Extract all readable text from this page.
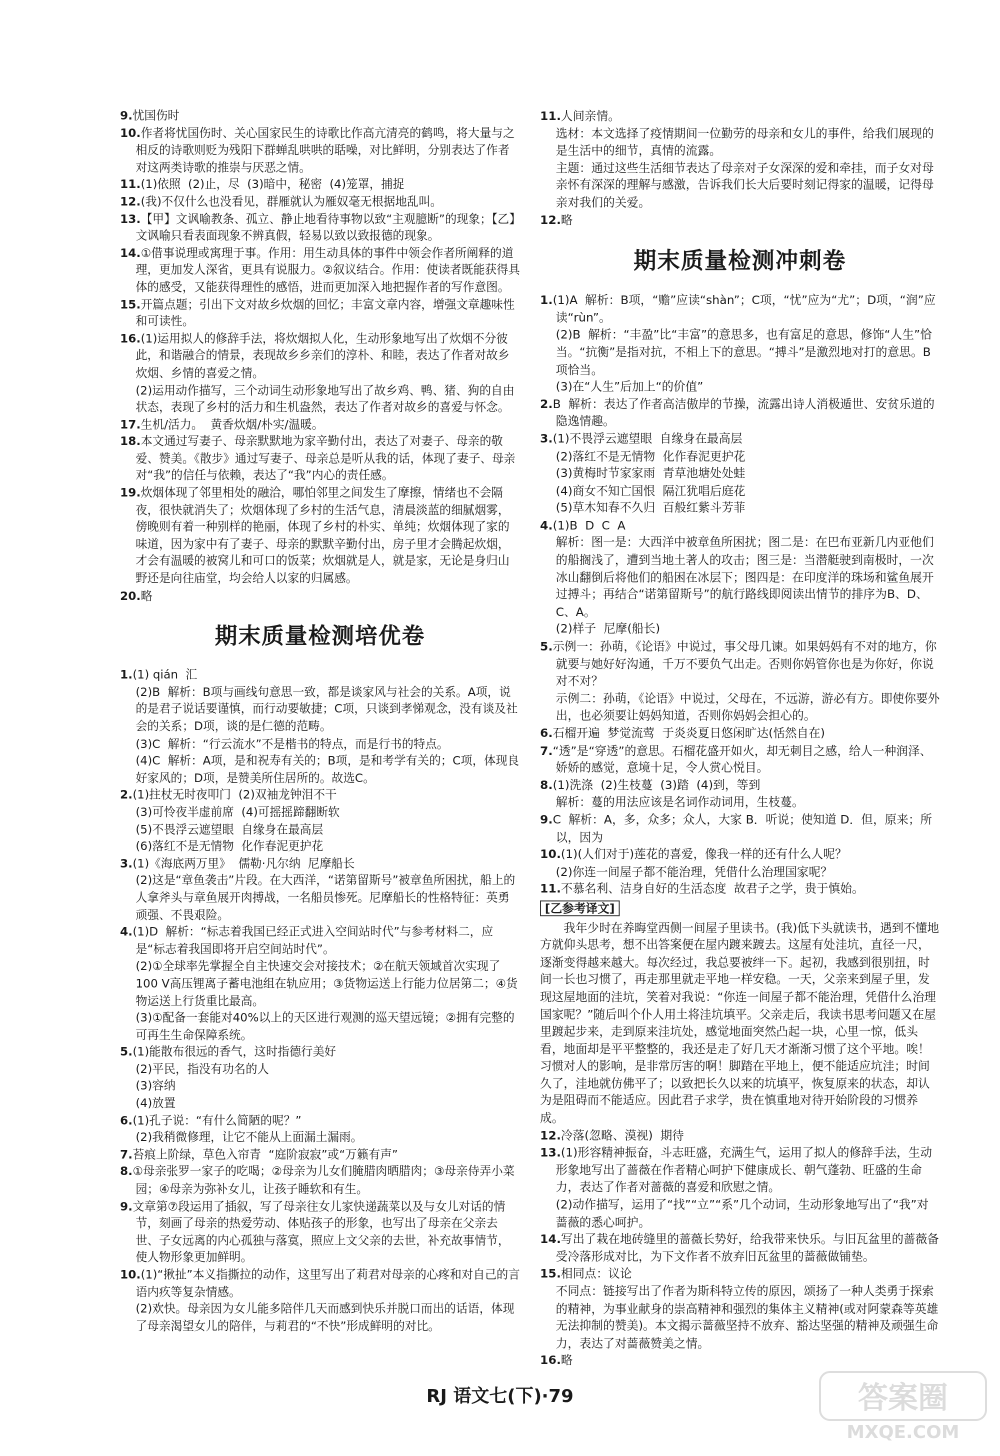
9.忧国伤时

10.作者将忧国伤时、关心国家民生的诗歌比作高亢清亮的鹤鸣，将大量与之相反的诗歌则贬为残阳下群蝉乱哄哄的聒噪，对比鲜明，分别表达了作者对这两类诗歌的推崇与厌恶之情。

11.(1)依照  (2)止，尽  (3)暗中，秘密  (4)笼罩，捕捉

12.(我)不仅什么也没看见，群雁就认为雁奴毫无根据地乱叫。

13.【甲】文讽喻教条、孤立、静止地看待事物以致“主观臆断”的现象；【乙】文讽喻只看表面现象不辨真假，轻易以致以致报德的现象。

14.①借事说理或寓理于事。作用：用生动具体的事件中领会作者所阐释的道理，更加发人深省，更具有说服力。②叙议结合。作用：使读者既能获得具体的感受，又能获得理性的感悟，进而更加深入地把握作者的写作意图。

15.开篇点题；引出下文对故乡炊烟的回忆；丰富文章内容，增强文章趣味性和可读性。

16.(1)运用拟人的修辞手法，将炊烟拟人化，生动形象地写出了炊烟不分彼此，和谐融合的情景，表现故乡乡亲们的淳朴、和睦，表达了作者对故乡炊烟、乡情的喜爱之情。

(2)运用动作描写，三个动词生动形象地写出了故乡鸡、鸭、猪、狗的自由状态，表现了乡村的活力和生机盎然，表达了作者对故乡的喜爱与怀念。

17.生机/活力。  黄香炊烟/朴实/温暖。

18.本文通过写妻子、母亲默默地为家辛勤付出，表达了对妻子、母亲的敬爱、赞美。《散步》通过写妻子、母亲总是听从我的话，体现了妻子、母亲对“我”的信任与依赖，表达了“我”内心的责任感。

19.炊烟体现了邻里相处的融洽，哪怕邻里之间发生了摩擦，情绪也不会隔夜，很快就消失了；炊烟体现了乡村的生活气息，清晨淡蓝的细腻烟雾，傍晚则有着一种别样的艳丽，体现了乡村的朴实、单纯；炊烟体现了家的味道，因为家中有了妻子、母亲的默默辛勤付出，房子里才会腾起炊烟，才会有温暖的被窝儿和可口的饭菜；炊烟就是人，就是家，无论是身归山野还是向往庙堂，均会给人以家的归属感。

20.略

期末质量检测培优卷

1.(1) qián  汇

(2)B  解析：B项与画线句意思一致，都是谈家风与社会的关系。A项，说的是君子说话要谨慎，而行动要敏捷；C项，只谈到孝悌观念，没有谈及社会的关系；D项，谈的是仁德的范畴。

(3)C  解析：“行云流水”不是楷书的特点，而是行书的特点。

(4)C  解析：A项，是和祝寿有关的；B项，是和考学有关的；C项，体现良好家风的；D项，是赞美所住居所的。故选C。

2.(1)拄杖无时夜叩门  (2)双袖龙钟泪不干

(3)可怜夜半虚前席  (4)可摇摇蹄翻断软

(5)不畏浮云遮望眼  自缘身在最高层

(6)落红不是无情物  化作春泥更护花

3.(1)《海底两万里》  儒勒·凡尔纳  尼摩船长

(2)这是“章鱼袭击”片段。在大西洋，“诺第留斯号”被章鱼所困扰，船上的人拿斧头与章鱼展开肉搏战，一名船员惨死。尼摩船长的性格特征：英勇顽强、不畏艰险。

4.(1)D  解析：“标志着我国已经正式进入空间站时代”与参考材料二，应是“标志着我国即将开启空间站时代”。

(2)①全球率先掌握全自主快速交会对接技术；②在航天领域首次实现了100 V高压锂离子蓄电池组在轨应用；③货物运送上行能力位居第二；④货物运送上行货重比最高。

(3)①配备一套能对40%以上的天区进行观测的巡天望远镜；②拥有完整的可再生生命保障系统。

5.(1)能散布很远的香气，这时指德行美好

(2)平民，指没有功名的人

(3)容纳

(4)放置

6.(1)孔子说：“有什么简陋的呢？”

(2)我稍微修理，让它不能从上面漏土漏雨。

7.苔痕上阶绿，草色入帘青  “庭阶寂寂”或“万籁有声”

8.①母亲张罗一家子的吃喝；②母亲为儿女们腌腊肉晒腊肉；③母亲侍弄小菜园；④母亲为弥补女儿，让孩子睡软和有生。

9.文章第⑦段运用了插叙，写了母亲往女儿家快递蔬菜以及与女儿对话的情节，刻画了母亲的热爱劳动、体贴孩子的形象，也写出了母亲在父亲去世、子女远离的内心孤独与落寞，照应上文父亲的去世，补充故事情节，使人物形象更加鲜明。

10.(1)“揪扯”本义指撕拉的动作，这里写出了莉君对母亲的心疼和对自己的言语内疚等复杂情感。

(2)欢快。母亲因为女儿能多陪伴几天而感到快乐并脱口而出的话语，体现了母亲渴望女儿的陪伴，与莉君的“不快”形成鲜明的对比。

11.人间亲情。

选材：本文选择了疫情期间一位勤劳的母亲和女儿的事件，给我们展现的是生活中的细节，真情的流露。

主题：通过这些生活细节表达了母亲对子女深深的爱和牵挂，而子女对母亲怀有深深的理解与感激，告诉我们长大后要时刻记得家的温暖，记得母亲对我们的关爱。

12.略

期末质量检测冲刺卷

1.(1)A  解析：B项，“赡”应读“shàn”；C项，“忧”应为“尤”；D项，“润”应读“rùn”。

(2)B  解析：“丰盈”比“丰富”的意思多，也有富足的意思，修饰“人生”恰当。“抗衡”是指对抗，不相上下的意思。“搏斗”是激烈地对打的意思。B项恰当。

(3)在“人生”后加上“的价值”

2.B  解析：表达了作者高洁傲岸的节操，流露出诗人消极遁世、安贫乐道的隐逸情趣。

3.(1)不畏浮云遮望眼  自缘身在最高层

(2)落红不是无情物  化作春泥更护花

(3)黄梅时节家家雨  青草池塘处处蛙

(4)商女不知亡国恨  隔江犹唱后庭花

(5)草木知春不久归  百般红紫斗芳菲

4.(1)B  D  C  A

解析：图一是：大西洋中被章鱼所困扰；图二是：在巴布亚新几内亚他们的船搁浅了，遭到当地土著人的攻击；图三是：当潜艇驶到南极时，一次冰山翻倒后将他们的船困在冰层下；图四是：在印度洋的珠场和鲨鱼展开过搏斗；再结合“诺第留斯号”的航行路线即阅读出情节的排序为B、D、C、A。

(2)样子  尼摩(船长)

5.示例一：孙萌，《论语》中说过，事父母几谏。如果妈妈有不对的地方，你就要与她好好沟通，千万不要负气出走。否则你妈管你也是为你好，你说对不对？

示例二：孙萌，《论语》中说过，父母在，不远游，游必有方。即使你要外出，也必须要让妈妈知道，否则你妈妈会担心的。

6.石榴开遍  梦觉流莺  于炎炎夏日悠闲旷达(恬然自在)

7.“透”是“穿透”的意思。石榴花盛开如火，却无刺目之感，给人一种润泽、娇娇的感觉，意境十足，令人赏心悦目。

8.(1)洗涤  (2)生枝蔓  (3)踏  (4)到，等到

解析：蔓的用法应该是名词作动词用，生枝蔓。

9.C  解析：A，多，众多；众人，大家 B．听说；使知道 D．但，原来；所以，因为

10.(1)(人们对于)莲花的喜爱，像我一样的还有什么人呢？

(2)你连一间屋子都不能治理，凭借什么治理国家呢？

11.不慕名利、洁身自好的生活态度  故君子之学，贵于慎始。

[乙参考译文]

我年少时在养晦堂西侧一间屋子里读书。(我)低下头就读书，遇到不懂地方就仰头思考，想不出答案便在屋内踱来踱去。这屋有处洼坑，直径一尺，逐渐变得越来越大。每次经过，我总要被绊一下。起初，我感到很别扭，时间一长也习惯了，再走那里就走平地一样安稳。一天，父亲来到屋子里，发现这屋地面的洼坑，笑着对我说：“你连一间屋子都不能治理，凭借什么治理国家呢？”随后叫个仆人用土将洼坑填平。父亲走后，我读书思考问题又在屋里踱起步来，走到原来洼坑处，感觉地面突然凸起一块，心里一惊，低头看，地面却是平平整整的，我还是走了好几天才渐渐习惯了这个平地。唉！习惯对人的影响，是非常厉害的啊！脚踏在平地上，便不能适应坑洼；时间久了，洼地就仿佛平了；以致把长久以来的坑填平，恢复原来的状态，却认为是阻碍而不能适应。因此君子求学，贵在慎重地对待开始阶段的习惯养成。

12.冷落(忽略、漠视)  期待

13.(1)形容精神振奋，斗志旺盛，充满生气，运用了拟人的修辞手法，生动形象地写出了蔷薇在作者精心呵护下健康成长、朝气蓬勃、旺盛的生命力，表达了作者对蔷薇的喜爱和欣慰之情。

(2)动作描写，运用了“找”“立”“系”几个动词，生动形象地写出了“我”对蔷薇的悉心呵护。

14.写出了栽在地砖缝里的蔷薇长势好，给我带来快乐。与旧瓦盆里的蔷薇备受冷落形成对比，为下文作者不放弃旧瓦盆里的蔷薇做铺垫。

15.相同点：议论

不同点：链接写出了作者为斯科特立传的原因，颂扬了一种人类勇于探索的精神，为事业献身的崇高精神和强烈的集体主义精神(或对阿蒙森等英雄无法抑制的赞美)。本文揭示蔷薇坚持不放弃、豁达坚强的精神及顽强生命力，表达了对蔷薇赞美之情。

16.略

RJ 语文七(下)·79	答案圈
MXQE.COM
